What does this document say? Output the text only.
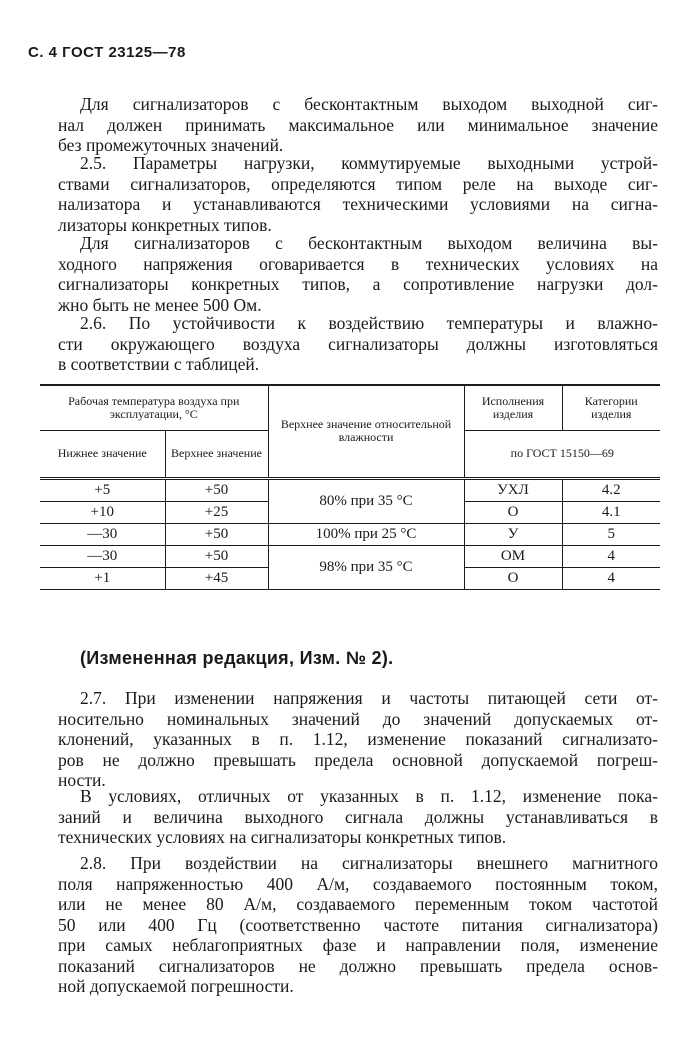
С. 4 ГОСТ 23125—78
Для сигнализаторов с бесконтактным выходом выходной сиг-
нал должен принимать максимальное или минимальное значение
без промежуточных значений.
2.5. Параметры нагрузки, коммутируемые выходными устрой-
ствами сигнализаторов, определяются типом реле на выходе сиг-
нализатора и устанавливаются техническими условиями на сигна-
лизаторы конкретных типов.
Для сигнализаторов с бесконтактным выходом величина вы-
ходного напряжения оговаривается в технических условиях на
сигнализаторы конкретных типов, а сопротивление нагрузки дол-
жно быть не менее 500 Ом.
2.6. По устойчивости к воздействию температуры и влажно-
сти окружающего воздуха сигнализаторы должны изготовляться
в соответствии с таблицей.
Рабочая температура воздуха при эксплуатации, °С		Верхнее значение относительной влажности	Исполнения изделия	Категории изделия
Нижнее значение	Верхнее значение		по ГОСТ 15150—69	
+5	+50	80% при 35 °С	УХЛ	4.2
+10	+25		О	4.1
—30	+50	100% при 25 °С	У	5
—30	+50	98% при 35 °С	ОМ	4
+1	+45		О	4
(Измененная редакция, Изм. № 2).
2.7. При изменении напряжения и частоты питающей сети от-
носительно номинальных значений до значений допускаемых от-
клонений, указанных в п. 1.12, изменение показаний сигнализато-
ров не должно превышать предела основной допускаемой погреш-
ности.
В условиях, отличных от указанных в п. 1.12, изменение пока-
заний и величина выходного сигнала должны устанавливаться в
технических условиях на сигнализаторы конкретных типов.
2.8. При воздействии на сигнализаторы внешнего магнитного
поля напряженностью 400 А/м, создаваемого постоянным током,
или не менее 80 А/м, создаваемого переменным током частотой
50 или 400 Гц (соответственно частоте питания сигнализатора)
при самых неблагоприятных фазе и направлении поля, изменение
показаний сигнализаторов не должно превышать предела основ-
ной допускаемой погрешности.
